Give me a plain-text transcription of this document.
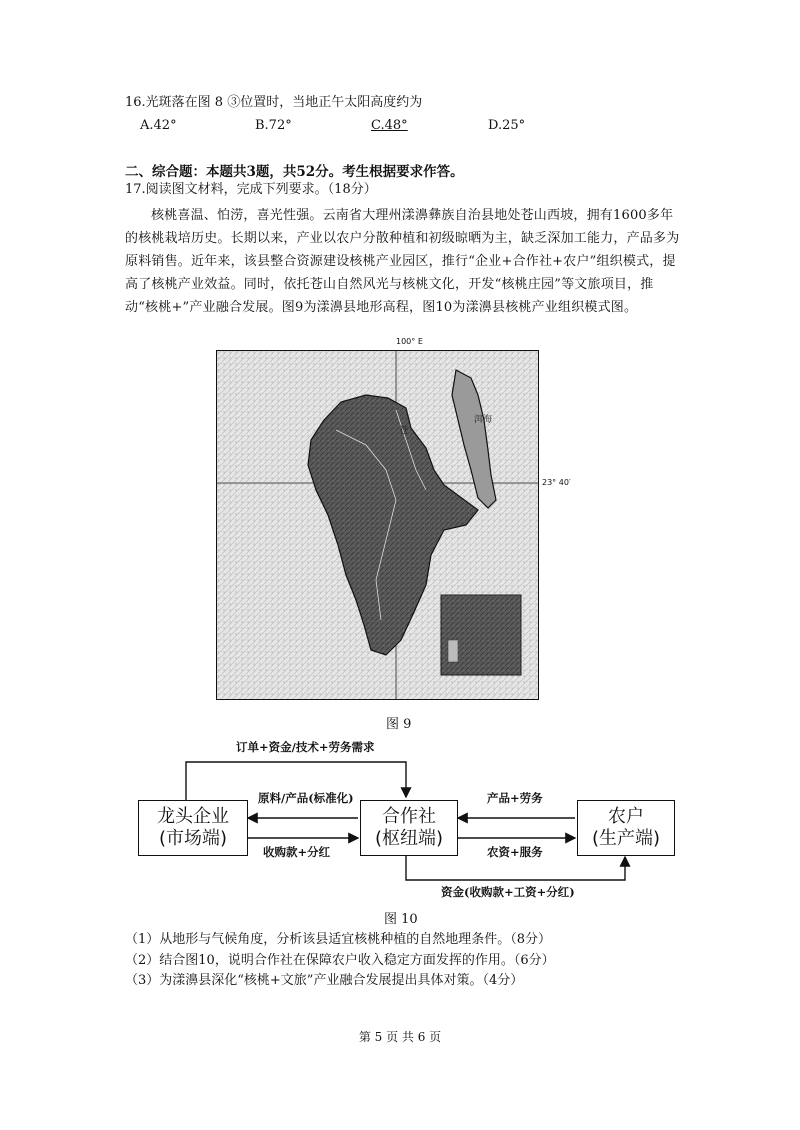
16.光斑落在图 8 ③位置时，当地正午太阳高度约为
A.42°	B.72°	C.48°	D.25°
二、综合题：本题共3题，共52分。考生根据要求作答。
17.阅读图文材料，完成下列要求。（18分）
核桃喜温、怕涝，喜光性强。云南省大理州漾濞彝族自治县地处苍山西坡，拥有1600多年的核桃栽培历史。长期以来，产业以农户分散种植和初级晾晒为主，缺乏深加工能力，产品多为原料销售。近年来，该县整合资源建设核桃产业园区，推行“企业+合作社+农户”组织模式，提高了核桃产业效益。同时，依托苍山自然风光与核桃文化，开发“核桃庄园”等文旅项目，推动“核桃+”产业融合发展。图9为漾濞县地形高程，图10为漾濞县核桃产业组织模式图。
100° E
23° 40′
洱海
苍
图 9
龙头企业
(市场端)
合作社
(枢纽端)
农户
(生产端)
订单+资金/技术+劳务需求
原料/产品(标准化)
收购款+分红
产品+劳务
农资+服务
资金(收购款+工资+分红)
图 10
（1）从地形与气候角度，分析该县适宜核桃种植的自然地理条件。（8分）
（2）结合图10，说明合作社在保障农户收入稳定方面发挥的作用。（6分）
（3）为漾濞县深化“核桃+文旅”产业融合发展提出具体对策。（4分）
第 5 页 共 6 页
